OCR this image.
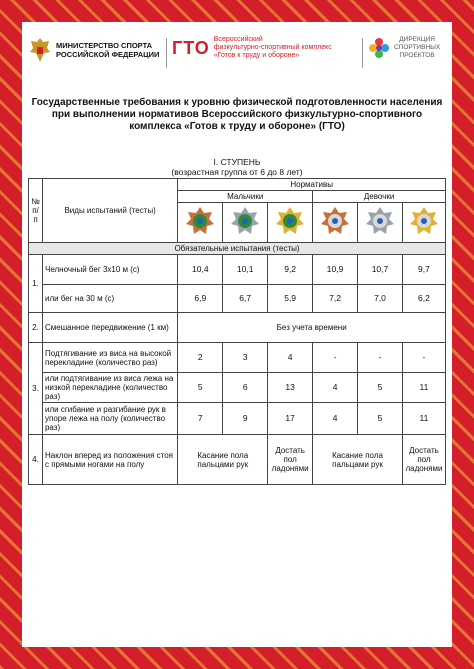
МИНИСТЕРСТВО СПОРТА
РОССИЙСКОЙ ФЕДЕРАЦИИ ГТО Всероссийский
физкультурно-спортивный комплекс
«Готов к труду и обороне»
ДИРЕКЦИЯ
СПОРТИВНЫХ
ПРОЕКТОВ
Государственные требования к уровню физической подготовленности населения при выполнении нормативов Всероссийского физкультурно-спортивного комплекса «Готов к труду и обороне» (ГТО)
I. СТУПЕНЬ
(возрастная группа от 6 до 8 лет)
№ п/п	Виды испытаний (тесты)	Нормативы					
		Мальчики			Девочки		

Обязательные испытания (тесты)							
1.	Челночный бег 3х10 м (с)	10,4	10,1	9,2	10,9	10,7	9,7
	или бег на 30 м (с)	6,9	6,7	5,9	7,2	7,0	6,2
2.	Смешанное передвижение (1 км)	Без учета времени					
3.	Подтягивание из виса на высокой перекладине (количество раз)	2	3	4	-	-	-
	или подтягивание из виса лежа на низкой перекладине (количество раз)	5	6	13	4	5	11
	или сгибание и разгибание рук в упоре лежа на полу (количество раз)	7	9	17	4	5	11
4.	Наклон вперед из положения стоя с прямыми ногами на полу	Касание пола пальцами рук		Достать пол ладонями	Касание пола пальцами рук		Достать пол ладонями
